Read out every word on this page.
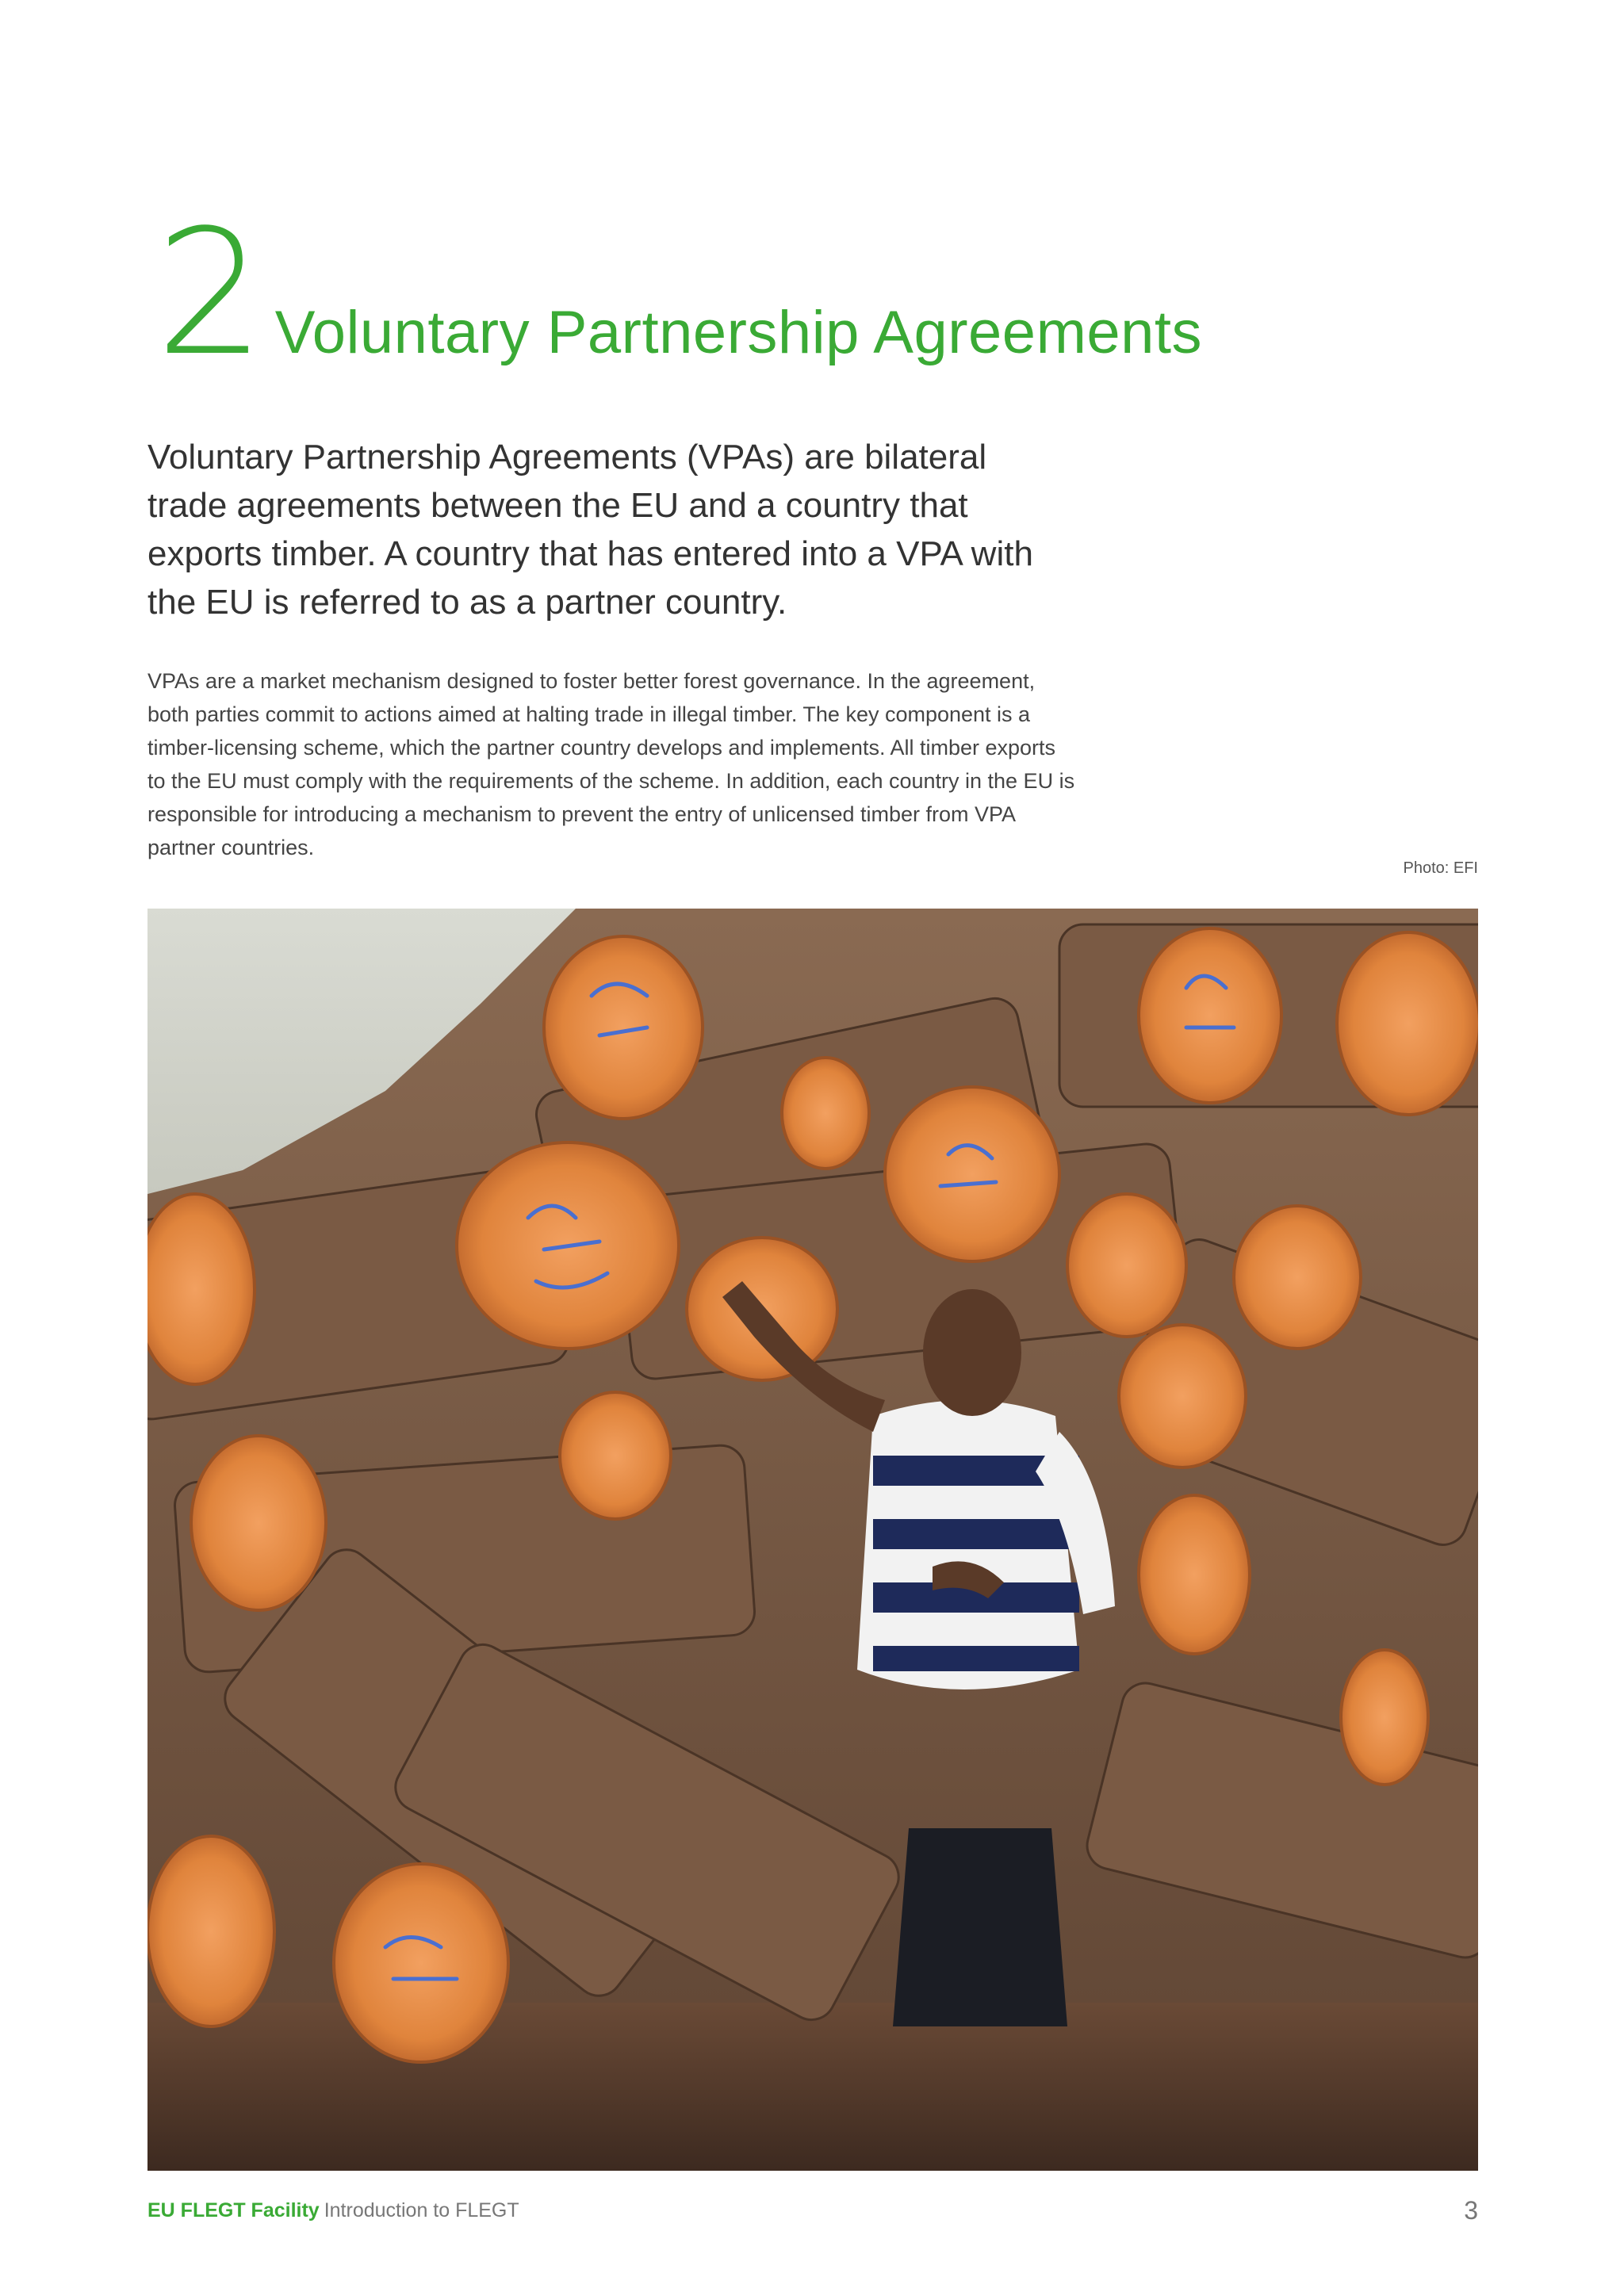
2 Voluntary Partnership Agreements

Voluntary Partnership Agreements (VPAs) are bilateral trade agreements between the EU and a country that exports timber. A country that has entered into a VPA with the EU is referred to as a partner country.

VPAs are a market mechanism designed to foster better forest governance. In the agreement, both parties commit to actions aimed at halting trade in illegal timber. The key component is a timber-licensing scheme, which the partner country develops and implements. All timber exports to the EU must comply with the requirements of the scheme. In addition, each country in the EU is responsible for introducing a mechanism to prevent the entry of unlicensed timber from VPA partner countries.

Photo: EFI
EU FLEGT Facility Introduction to FLEGT	3
